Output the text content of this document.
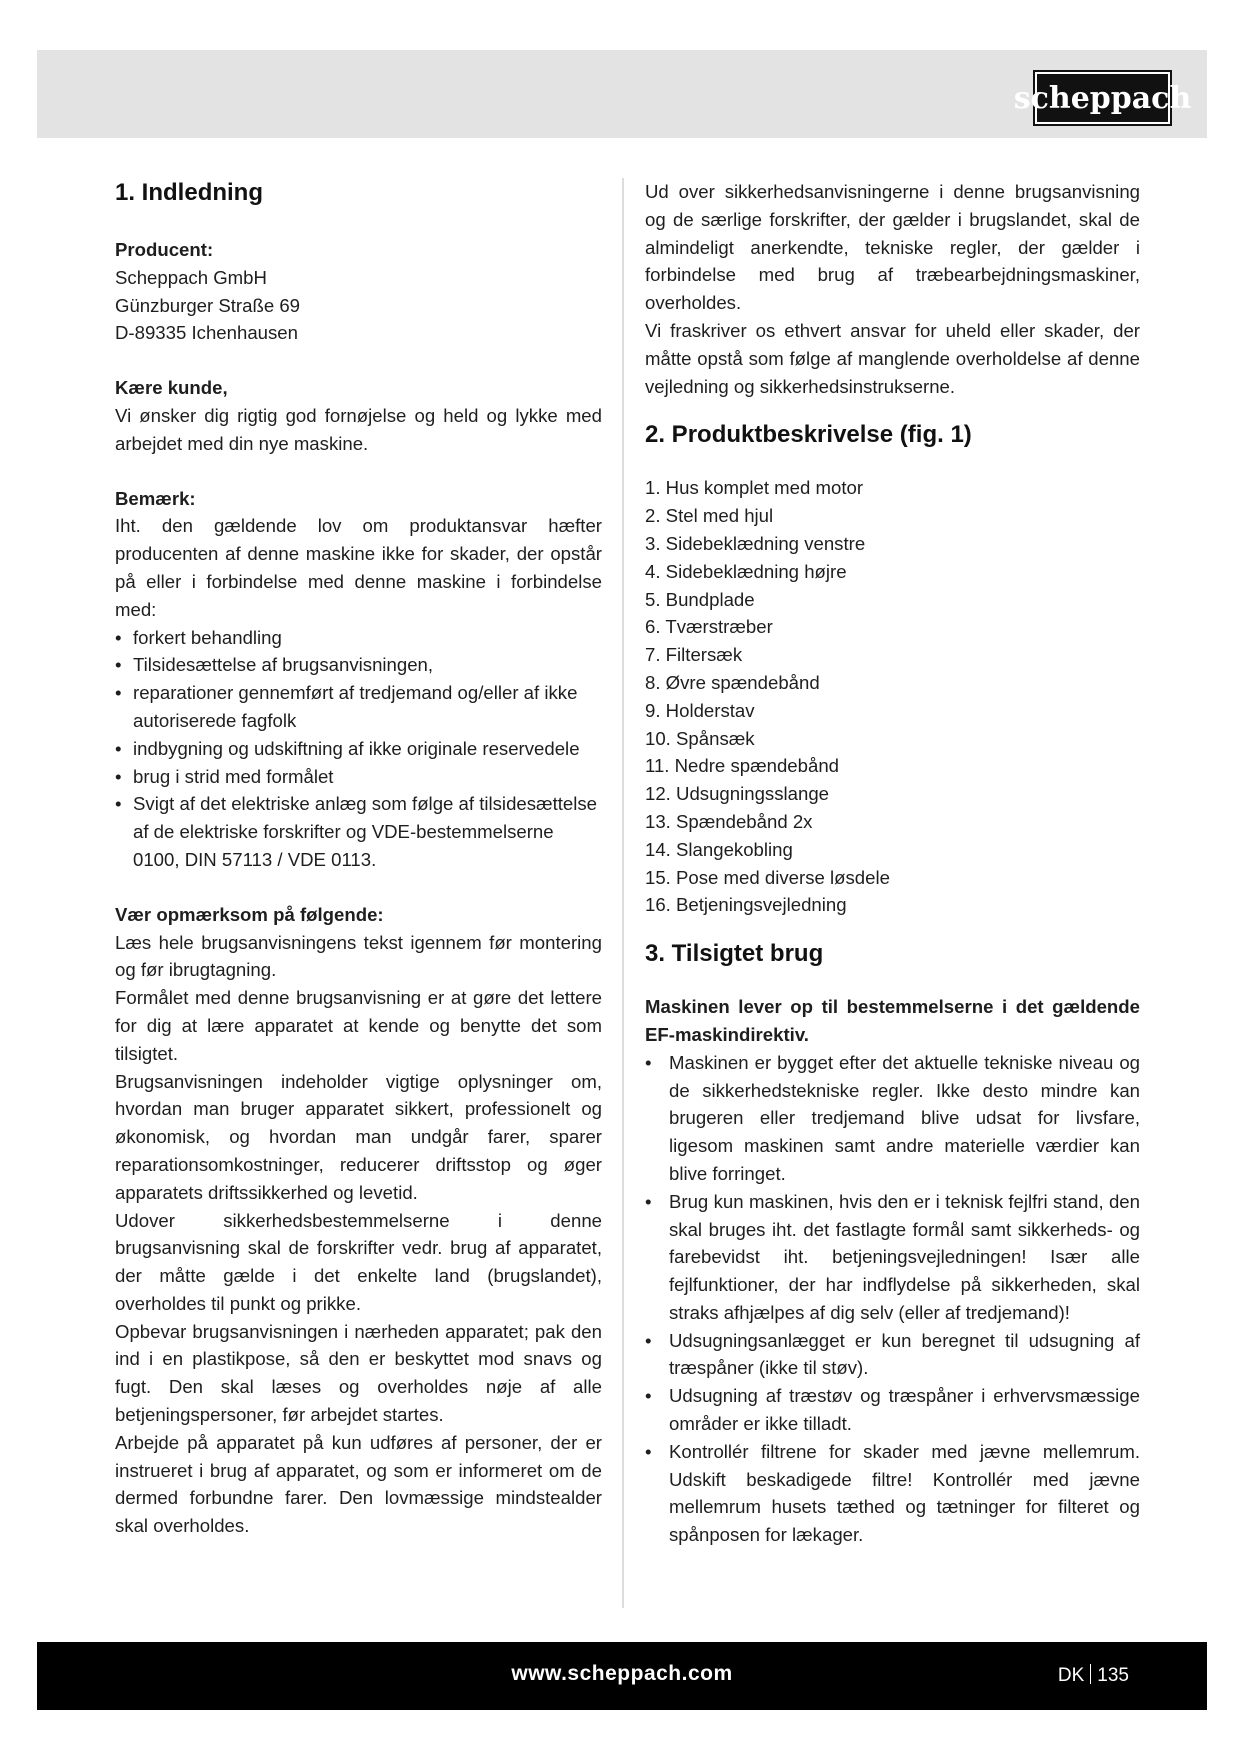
scheppach
1. Indledning

Producent:

Scheppach GmbH

Günzburger Straße 69

D-89335 Ichenhausen

Kære kunde,

Vi ønsker dig rigtig god fornøjelse og held og lykke med arbejdet med din nye maskine.

Bemærk:

Iht. den gældende lov om produktansvar hæfter producenten af denne maskine ikke for skader, der opstår på eller i forbindelse med denne maskine i forbindelse med:

• forkert behandling
• Tilsidesættelse af brugsanvisningen,
• reparationer gennemført af tredjemand og/eller af ikke autoriserede fagfolk
• indbygning og udskiftning af ikke originale reservedele
• brug i strid med formålet
• Svigt af det elektriske anlæg som følge af tilsidesættelse af de elektriske forskrifter og VDE-bestemmelserne 0100, DIN 57113 / VDE 0113.

Vær opmærksom på følgende:

Læs hele brugsanvisningens tekst igennem før montering og før ibrugtagning.

Formålet med denne brugsanvisning er at gøre det lettere for dig at lære apparatet at kende og benytte det som tilsigtet.

Brugsanvisningen indeholder vigtige oplysninger om, hvordan man bruger apparatet sikkert, professionelt og økonomisk, og hvordan man undgår farer, sparer reparationsomkostninger, reducerer driftsstop og øger apparatets driftssikkerhed og levetid.

Udover sikkerhedsbestemmelserne i denne brugsanvisning skal de forskrifter vedr. brug af apparatet, der måtte gælde i det enkelte land (brugslandet), overholdes til punkt og prikke.

Opbevar brugsanvisningen i nærheden apparatet; pak den ind i en plastikpose, så den er beskyttet mod snavs og fugt. Den skal læses og overholdes nøje af alle betjeningspersoner, før arbejdet startes.

Arbejde på apparatet på kun udføres af personer, der er instrueret i brug af apparatet, og som er informeret om de dermed forbundne farer. Den lovmæssige mindstealder skal overholdes.

Ud over sikkerhedsanvisningerne i denne brugsanvisning og de særlige forskrifter, der gælder i brugslandet, skal de almindeligt anerkendte, tekniske regler, der gælder i forbindelse med brug af træbearbejdningsmaskiner, overholdes.

Vi fraskriver os ethvert ansvar for uheld eller skader, der måtte opstå som følge af manglende overholdelse af denne vejledning og sikkerhedsinstrukserne.

2. Produktbeskrivelse (fig. 1)
1. Hus komplet med motor
2. Stel med hjul
3. Sidebeklædning venstre
4. Sidebeklædning højre
5. Bundplade
6. Tværstræber
7. Filtersæk
8. Øvre spændebånd
9. Holderstav
10. Spånsæk
11. Nedre spændebånd
12. Udsugningsslange
13. Spændebånd 2x
14. Slangekobling
15. Pose med diverse løsdele
16. Betjeningsvejledning
3. Tilsigtet brug

Maskinen lever op til bestemmelserne i det gældende EF-maskindirektiv.

• Maskinen er bygget efter det aktuelle tekniske niveau og de sikkerhedstekniske regler. Ikke desto mindre kan brugeren eller tredjemand blive udsat for livsfare, ligesom maskinen samt andre materielle værdier kan blive forringet.
• Brug kun maskinen, hvis den er i teknisk fejlfri stand, den skal bruges iht. det fastlagte formål samt sikkerheds- og farebevidst iht. betjeningsvejledningen! Især alle fejlfunktioner, der har indflydelse på sikkerheden, skal straks afhjælpes af dig selv (eller af tredjemand)!
• Udsugningsanlægget er kun beregnet til udsugning af træspåner (ikke til støv).
• Udsugning af træstøv og træspåner i erhvervsmæssige områder er ikke tilladt.
• Kontrollér filtrene for skader med jævne mellemrum. Udskift beskadigede filtre! Kontrollér med jævne mellemrum husets tæthed og tætninger for filteret og spånposen for lækager.
www.scheppach.com	DK 135
